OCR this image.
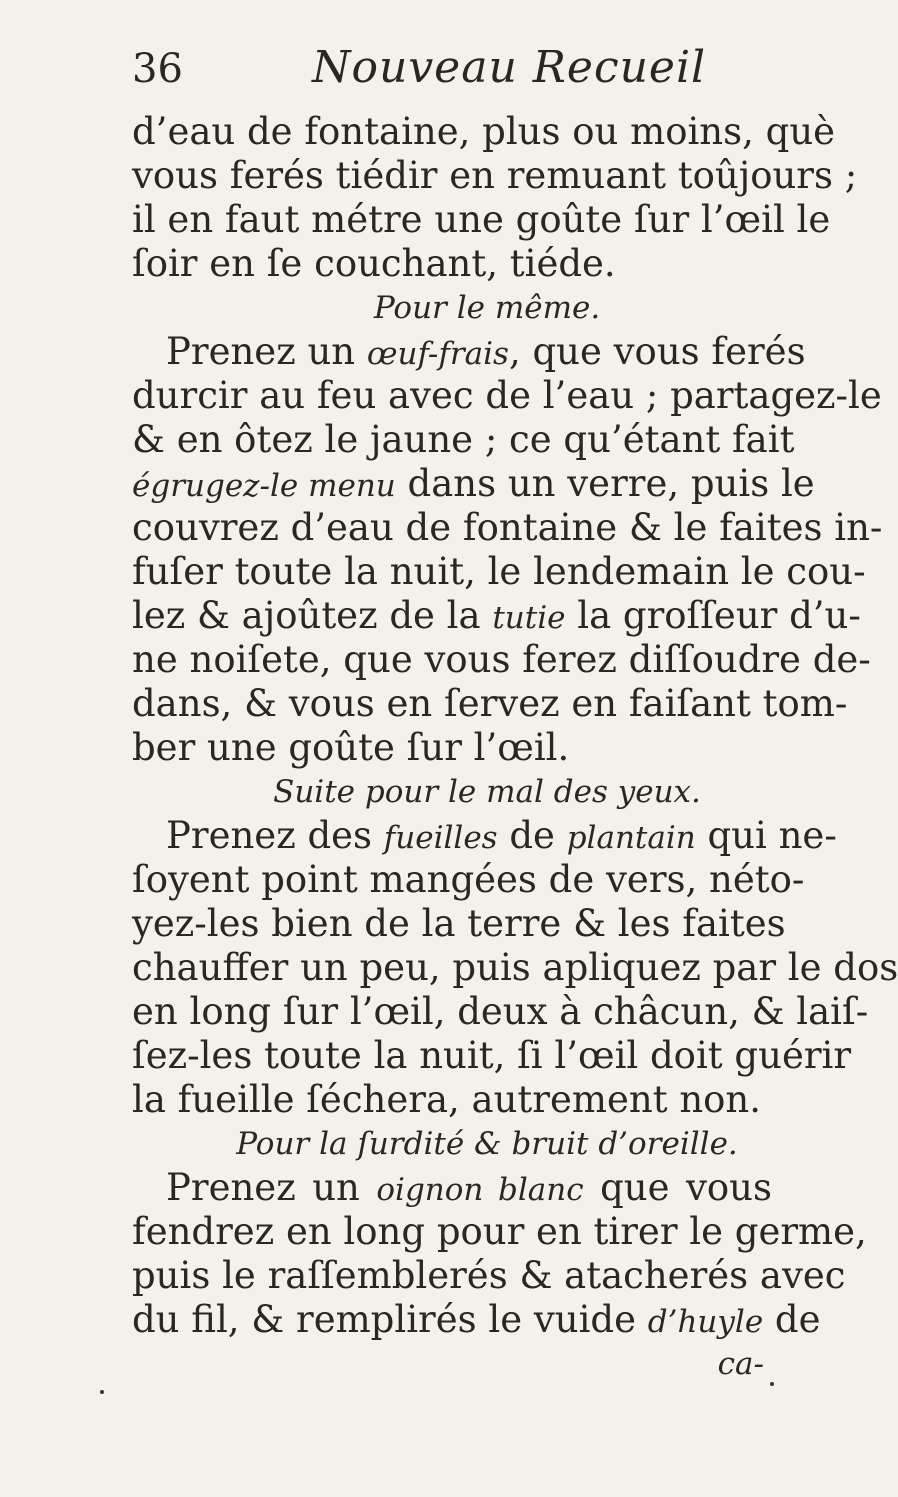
36	Nouveau Recueil
d’eau de fontaine, plus ou moins, què
vous ferés tiédir en remuant toûjours ;
il en faut métre une goûte ſur l’œil le
ſoir en ſe couchant, tiéde.
Pour le même.
Prenez un œuf-frais, que vous ferés
durcir au feu avec de l’eau ; partagez-le
& en ôtez le jaune ; ce qu’étant fait
égrugez-le menu dans un verre, puis le
couvrez d’eau de fontaine & le faites in-
fuſer toute la nuit, le lendemain le cou-
lez & ajoûtez de la tutie la groſſeur d’u-
ne noiſete, que vous ferez diſſoudre de-
dans, & vous en ſervez en faiſant tom-
ber une goûte ſur l’œil.
Suite pour le mal des yeux.
Prenez des fueilles de plantain qui ne-
ſoyent point mangées de vers, néto-
yez-les bien de la terre & les faites
chauffer un peu, puis apliquez par le dos
en long ſur l’œil, deux à châcun, & laiſ-
ſez-les toute la nuit, ſi l’œil doit guérir
la fueille ſéchera, autrement non.
Pour la ſurdité & bruit d’oreille.
Prenez un oignon blanc que vous
fendrez en long pour en tirer le germe,
puis le raſſemblerés & atacherés avec
du fil, & remplirés le vuide d’huyle de
ca-
